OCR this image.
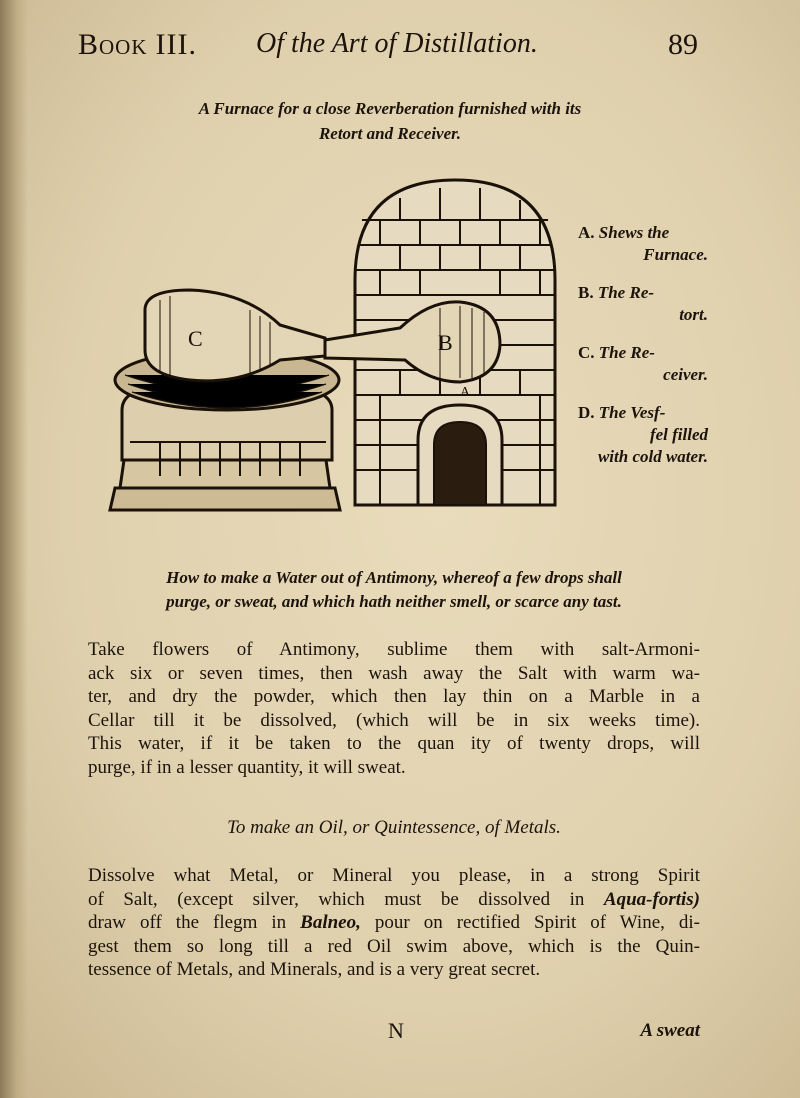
Book III. Of the Art of Distillation.	89
A Furnace for a close Reverberation furnished with its
Retort and Receiver.
C	B
A
A. Shews the
Furnace.
B. The Re-
tort.
C. The Re-
ceiver.
D. The Vesf-
fel filled
with cold water.
How to make a Water out of Antimony, whereof a few drops shall
purge, or sweat, and which hath neither smell, or scarce any tast.
Take flowers of Antimony, sublime them with salt-Armoni-
ack six or seven times, then wash away the Salt with warm wa-
ter, and dry the powder, which then lay thin on a Marble in a
Cellar till it be dissolved, (which will be in six weeks time).
This water, if it be taken to the quan ity of twenty drops, will
purge, if in a lesser quantity, it will sweat.
To make an Oil, or Quintessence, of Metals.
Dissolve what Metal, or Mineral you please, in a strong Spirit
of Salt, (except silver, which must be dissolved in Aqua-fortis)
draw off the flegm in Balneo, pour on rectified Spirit of Wine, di-
gest them so long till a red Oil swim above, which is the Quin-
tessence of Metals, and Minerals, and is a very great secret.
N	A sweat
